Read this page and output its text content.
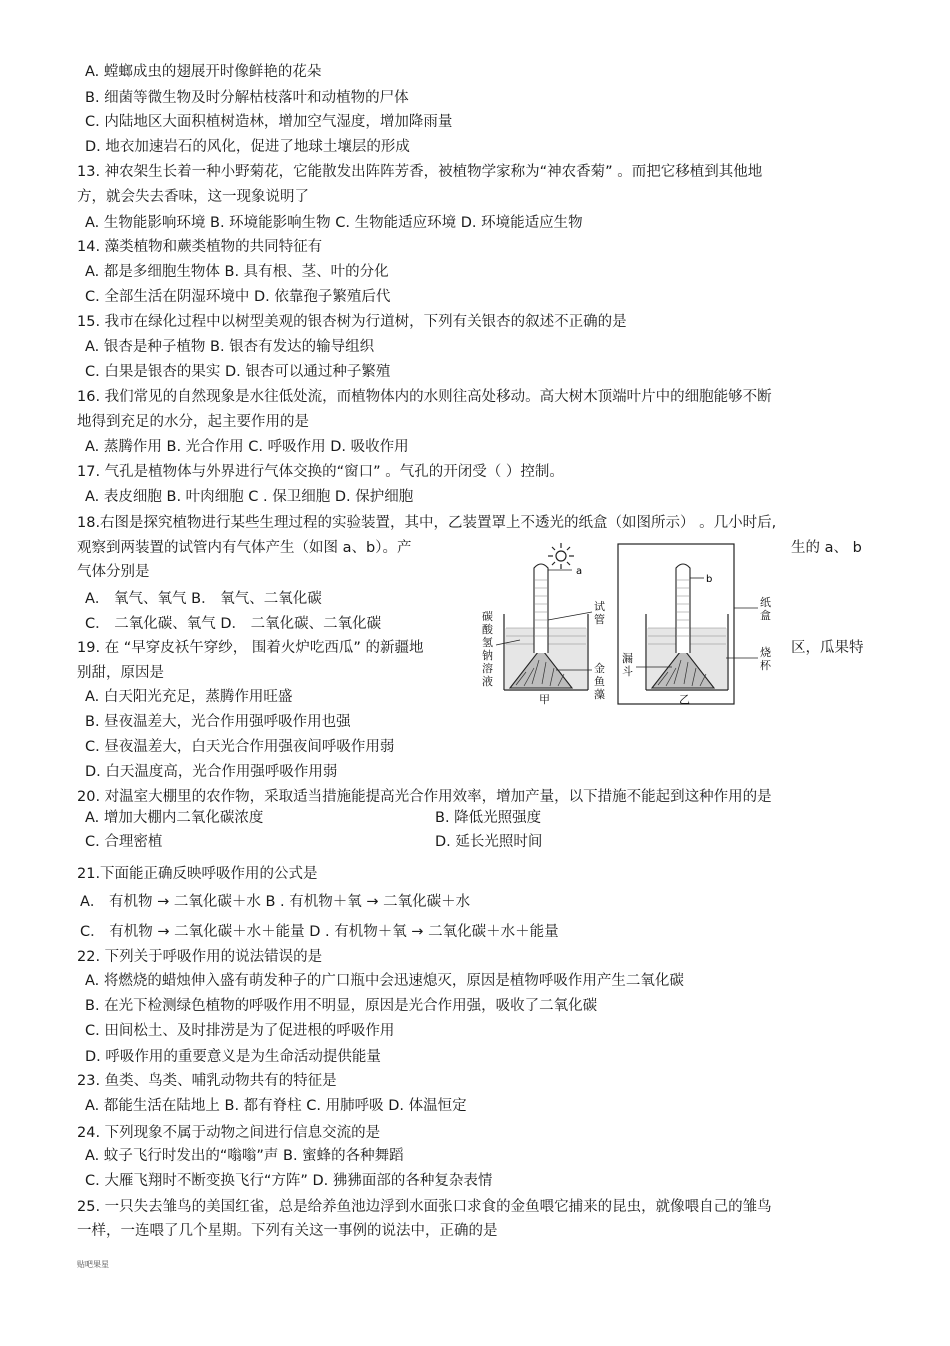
A. 螳螂成虫的翅展开时像鲜艳的花朵
B. 细菌等微生物及时分解枯枝落叶和动植物的尸体
C. 内陆地区大面积植树造林，增加空气湿度，增加降雨量
D. 地衣加速岩石的风化，促进了地球土壤层的形成
13. 神农架生长着一种小野菊花，它能散发出阵阵芳香，被植物学家称为“神农香菊” 。而把它移植到其他地
方，就会失去香味，这一现象说明了
A. 生物能影响环境 B. 环境能影响生物 C. 生物能适应环境 D. 环境能适应生物
14. 藻类植物和蕨类植物的共同特征有
A. 都是多细胞生物体 B. 具有根、茎、叶的分化
C. 全部生活在阴湿环境中 D. 依靠孢子繁殖后代
15. 我市在绿化过程中以树型美观的银杏树为行道树，下列有关银杏的叙述不正确的是
A. 银杏是种子植物 B. 银杏有发达的输导组织
C. 白果是银杏的果实 D. 银杏可以通过种子繁殖
16. 我们常见的自然现象是水往低处流，而植物体内的水则往高处移动。高大树木顶端叶片中的细胞能够不断
地得到充足的水分，起主要作用的是
A. 蒸腾作用 B. 光合作用 C. 呼吸作用 D. 吸收作用
17. 气孔是植物体与外界进行气体交换的“窗口” 。气孔的开闭受（ ）控制。
A. 表皮细胞 B. 叶肉细胞 C . 保卫细胞 D. 保护细胞
18.右图是探究植物进行某些生理过程的实验装置，其中，乙装置罩上不透光的纸盒（如图所示） 。几小时后,
观察到两装置的试管内有气体产生（如图 a、b）。产	生的 a、 b
气体分别是
A． 氧气、氧气 B． 氧气、二氧化碳
C． 二氧化碳、氧气 D． 二氧化碳、二氧化碳
19. 在 “早穿皮袄午穿纱， 围着火炉吃西瓜” 的新疆地	区，瓜果特
别甜，原因是
A. 白天阳光充足，蒸腾作用旺盛
B. 昼夜温差大，光合作用强呼吸作用也强
C. 昼夜温差大，白天光合作用强夜间呼吸作用弱
D. 白天温度高，光合作用强呼吸作用弱
20. 对温室大棚里的农作物，采取适当措施能提高光合作用效率，增加产量，以下措施不能起到这种作用的是
A. 增加大棚内二氧化碳浓度	B. 降低光照强度
C. 合理密植	D. 延长光照时间
21.下面能正确反映呼吸作用的公式是
A． 有机物 → 二氧化碳＋水 B . 有机物＋氧 → 二氧化碳＋水
C． 有机物 → 二氧化碳＋水＋能量 D . 有机物＋氧 → 二氧化碳＋水＋能量
22. 下列关于呼吸作用的说法错误的是
A. 将燃烧的蜡烛伸入盛有萌发种子的广口瓶中会迅速熄灭，原因是植物呼吸作用产生二氧化碳
B. 在光下检测绿色植物的呼吸作用不明显，原因是光合作用强，吸收了二氧化碳
C. 田间松土、及时排涝是为了促进根的呼吸作用
D. 呼吸作用的重要意义是为生命活动提供能量
23. 鱼类、鸟类、哺乳动物共有的特征是
A. 都能生活在陆地上 B. 都有脊柱 C. 用肺呼吸 D. 体温恒定
24. 下列现象不属于动物之间进行信息交流的是
A. 蚊子飞行时发出的“嗡嗡”声 B. 蜜蜂的各种舞蹈
C. 大雁飞翔时不断变换飞行“方阵” D. 狒狒面部的各种复杂表情
25. 一只失去雏鸟的美国红雀，总是给养鱼池边浮到水面张口求食的金鱼喂它捕来的昆虫，就像喂自己的雏鸟
一样，一连喂了几个星期。下列有关这一事例的说法中，正确的是
贴吧果星
a
碳酸氢钠溶液
试管
金鱼藻
甲
b
漏斗
纸盒
烧杯
乙
